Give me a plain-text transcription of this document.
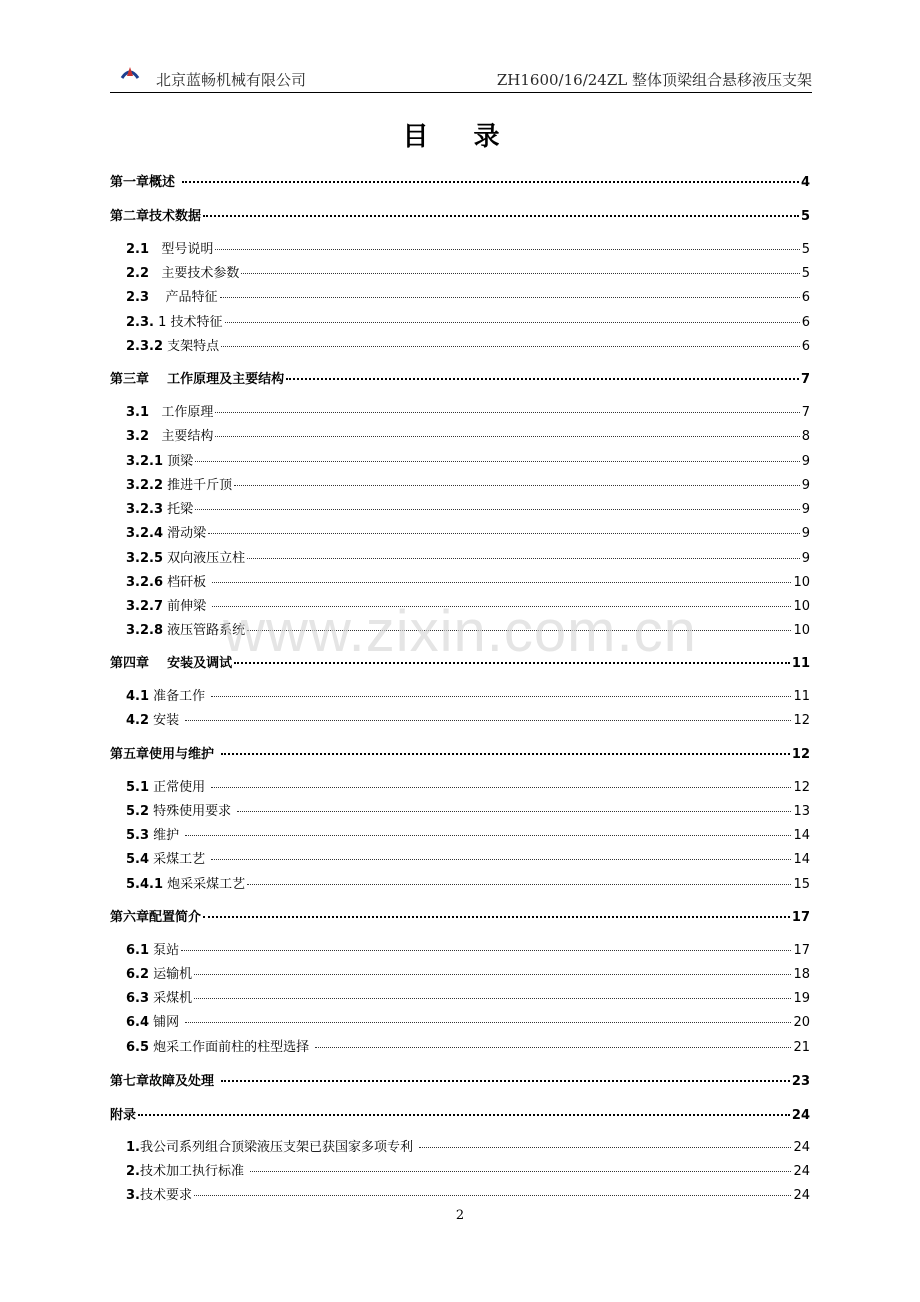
北京蓝畅机械有限公司	ZH1600/16/24ZL 整体顶梁组合悬移液压支架
目 录
第一章概述	4
第二章技术数据	5
2.1 型号说明	5
2.2 主要技术参数	5
2.3 产品特征	6
2.3. 1 技术特征	6
2.3.2 支架特点	6
第三章    工作原理及主要结构	7
3.1 工作原理	7
3.2 主要结构	8
3.2.1 顶梁	9
3.2.2 推进千斤顶	9
3.2.3 托梁	9
3.2.4 滑动梁	9
3.2.5 双向液压立柱	9
3.2.6 档矸板	10
3.2.7 前伸梁	10
3.2.8 液压管路系统	10
第四章    安装及调试	11
4.1 准备工作	11
4.2 安装	12
第五章使用与维护	12
5.1 正常使用	12
5.2 特殊使用要求	13
5.3 维护	14
5.4 采煤工艺	14
5.4.1 炮采采煤工艺	15
第六章配置简介	17
6.1 泵站	17
6.2 运输机	18
6.3 采煤机	19
6.4 铺网	20
6.5 炮采工作面前柱的柱型选择	21
第七章故障及处理	23
附录	24
1. 我公司系列组合顶梁液压支架已获国家多项专利	24
2. 技术加工执行标准	24
3. 技术要求	24
www.zixin.com.cn
2
